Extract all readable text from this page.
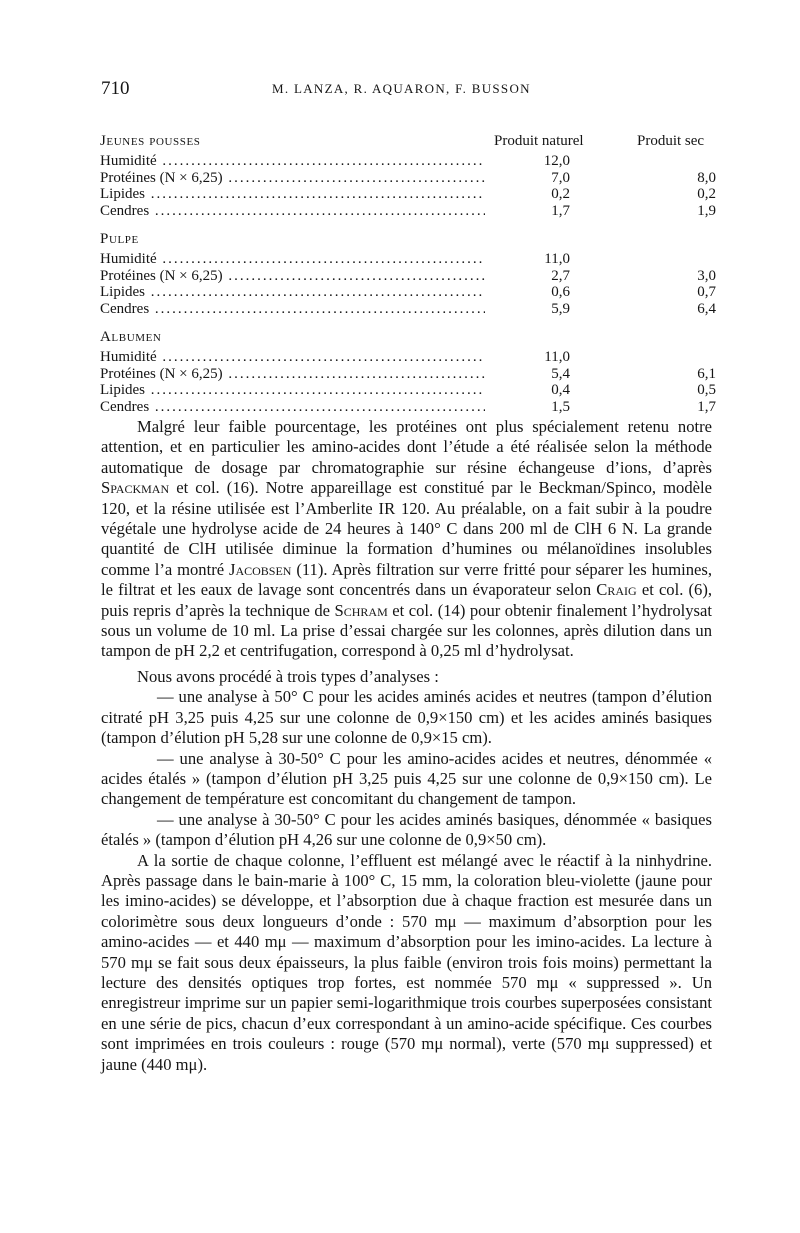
710	M. LANZA, R. AQUARON, F. BUSSON
Jeunes pousses	Produit naturel	Produit sec
Humidité .....	12,0
Protéines (N × 6,25) .....	7,0	8,0
Lipides .....	0,2	0,2
Cendres .....	1,7	1,9
Pulpe
Humidité .....	11,0
Protéines (N × 6,25) .....	2,7	3,0
Lipides .....	0,6	0,7
Cendres .....	5,9	6,4
Albumen
Humidité .....	11,0
Protéines (N × 6,25) .....	5,4	6,1
Lipides .....	0,4	0,5
Cendres .....	1,5	1,7

Malgré leur faible pourcentage, les protéines ont plus spécialement retenu notre attention, et en particulier les amino-acides dont l’étude a été réalisée selon la méthode automatique de dosage par chromatographie sur résine échangeuse d’ions, d’après Spackman et col. (16). Notre appareillage est constitué par le Beckman/Spinco, modèle 120, et la résine utilisée est l’Amberlite IR 120. Au préalable, on a fait subir à la poudre végétale une hydrolyse acide de 24 heures à 140° C dans 200 ml de ClH 6 N. La grande quantité de ClH utilisée diminue la formation d’humines ou mélanoïdines insolubles comme l’a montré Jacobsen (11). Après filtration sur verre fritté pour séparer les humines, le filtrat et les eaux de lavage sont concentrés dans un évaporateur selon Craig et col. (6), puis repris d’après la technique de Schram et col. (14) pour obtenir finalement l’hydrolysat sous un volume de 10 ml. La prise d’essai chargée sur les colonnes, après dilution dans un tampon de pH 2,2 et centrifugation, correspond à 0,25 ml d’hydrolysat.

Nous avons procédé à trois types d’analyses :

— une analyse à 50° C pour les acides aminés acides et neutres (tampon d’élution citraté pH 3,25 puis 4,25 sur une colonne de 0,9×150 cm) et les acides aminés basiques (tampon d’élution pH 5,28 sur une colonne de 0,9×15 cm).

— une analyse à 30-50° C pour les amino-acides acides et neutres, dénommée « acides étalés » (tampon d’élution pH 3,25 puis 4,25 sur une colonne de 0,9×150 cm). Le changement de température est concomitant du changement de tampon.

— une analyse à 30-50° C pour les acides aminés basiques, dénommée « basiques étalés » (tampon d’élution pH 4,26 sur une colonne de 0,9×50 cm).

A la sortie de chaque colonne, l’effluent est mélangé avec le réactif à la ninhydrine. Après passage dans le bain-marie à 100° C, 15 mm, la coloration bleu-violette (jaune pour les imino-acides) se développe, et l’absorption due à chaque fraction est mesurée dans un colorimètre sous deux longueurs d’onde : 570 mμ — maximum d’absorption pour les amino-acides — et 440 mμ — maximum d’absorption pour les imino-acides. La lecture à 570 mμ se fait sous deux épaisseurs, la plus faible (environ trois fois moins) permettant la lecture des densités optiques trop fortes, est nommée 570 mμ « suppressed ». Un enregistreur imprime sur un papier semi-logarithmique trois courbes superposées consistant en une série de pics, chacun d’eux correspondant à un amino-acide spécifique. Ces courbes sont imprimées en trois couleurs : rouge (570 mμ normal), verte (570 mμ suppressed) et jaune (440 mμ).
